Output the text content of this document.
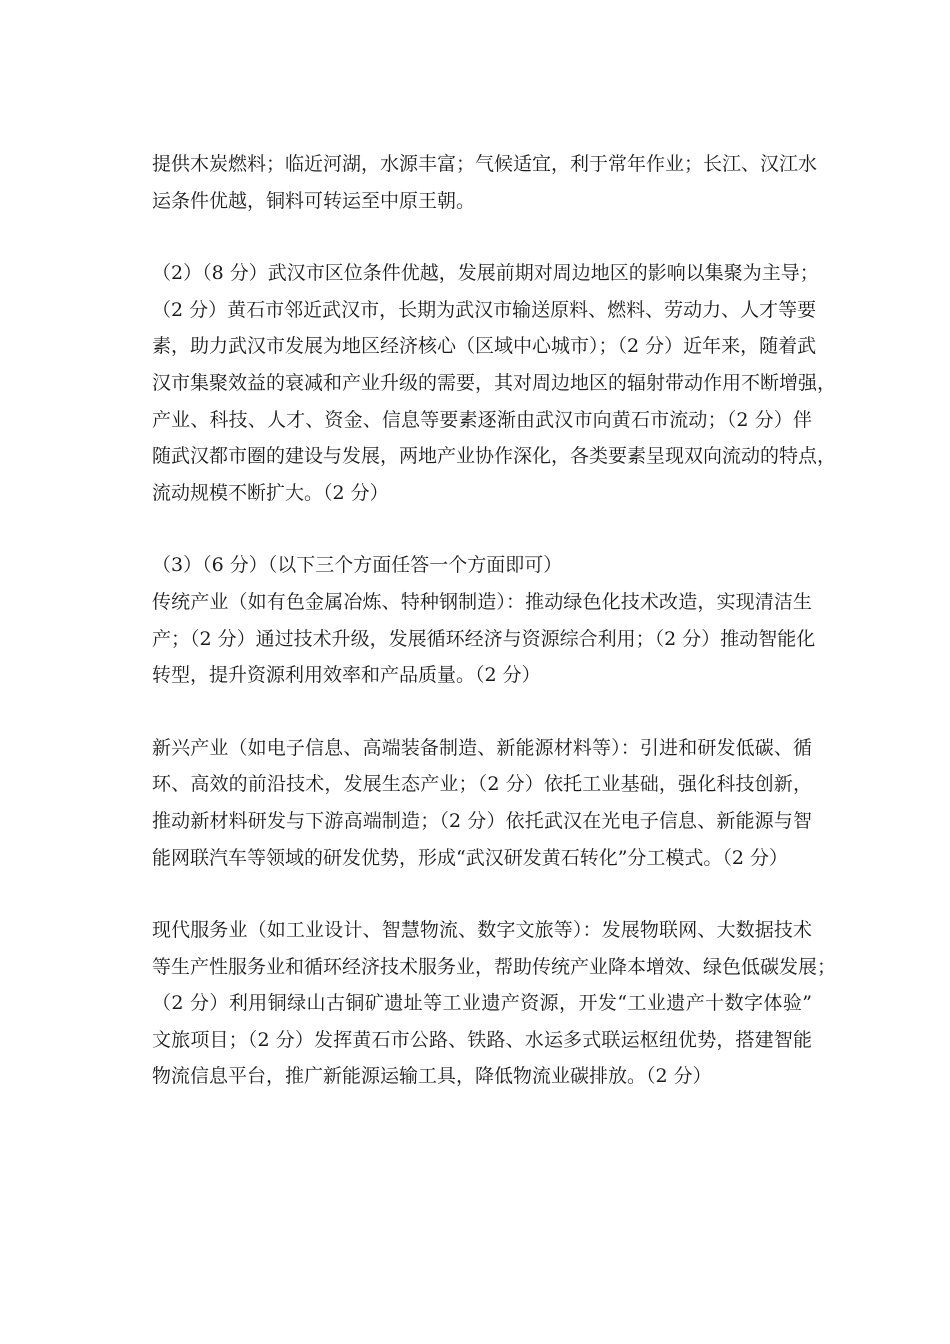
提供木炭燃料；临近河湖，水源丰富；气候适宜，利于常年作业；长江、汉江水
运条件优越，铜料可转运至中原王朝。
（2）（8 分）武汉市区位条件优越，发展前期对周边地区的影响以集聚为主导；
（2 分）黄石市邻近武汉市，长期为武汉市输送原料、燃料、劳动力、人才等要
素，助力武汉市发展为地区经济核心（区域中心城市）；（2 分）近年来，随着武
汉市集聚效益的衰减和产业升级的需要，其对周边地区的辐射带动作用不断增强，
产业、科技、人才、资金、信息等要素逐渐由武汉市向黄石市流动；（2 分）伴
随武汉都市圈的建设与发展，两地产业协作深化，各类要素呈现双向流动的特点，
流动规模不断扩大。（2 分）
（3）（6 分）（以下三个方面任答一个方面即可）
传统产业（如有色金属冶炼、特种钢制造）：推动绿色化技术改造，实现清洁生
产；（2 分）通过技术升级，发展循环经济与资源综合利用；（2 分）推动智能化
转型，提升资源利用效率和产品质量。（2 分）
新兴产业（如电子信息、高端装备制造、新能源材料等）：引进和研发低碳、循
环、高效的前沿技术，发展生态产业；（2 分）依托工业基础，强化科技创新，
推动新材料研发与下游高端制造；（2 分）依托武汉在光电子信息、新能源与智
能网联汽车等领域的研发优势，形成“武汉研发黄石转化”分工模式。（2 分）
现代服务业（如工业设计、智慧物流、数字文旅等）：发展物联网、大数据技术
等生产性服务业和循环经济技术服务业，帮助传统产业降本增效、绿色低碳发展；
（2 分）利用铜绿山古铜矿遗址等工业遗产资源，开发“工业遗产十数字体验”
文旅项目；（2 分）发挥黄石市公路、铁路、水运多式联运枢纽优势，搭建智能
物流信息平台，推广新能源运输工具，降低物流业碳排放。（2 分）
